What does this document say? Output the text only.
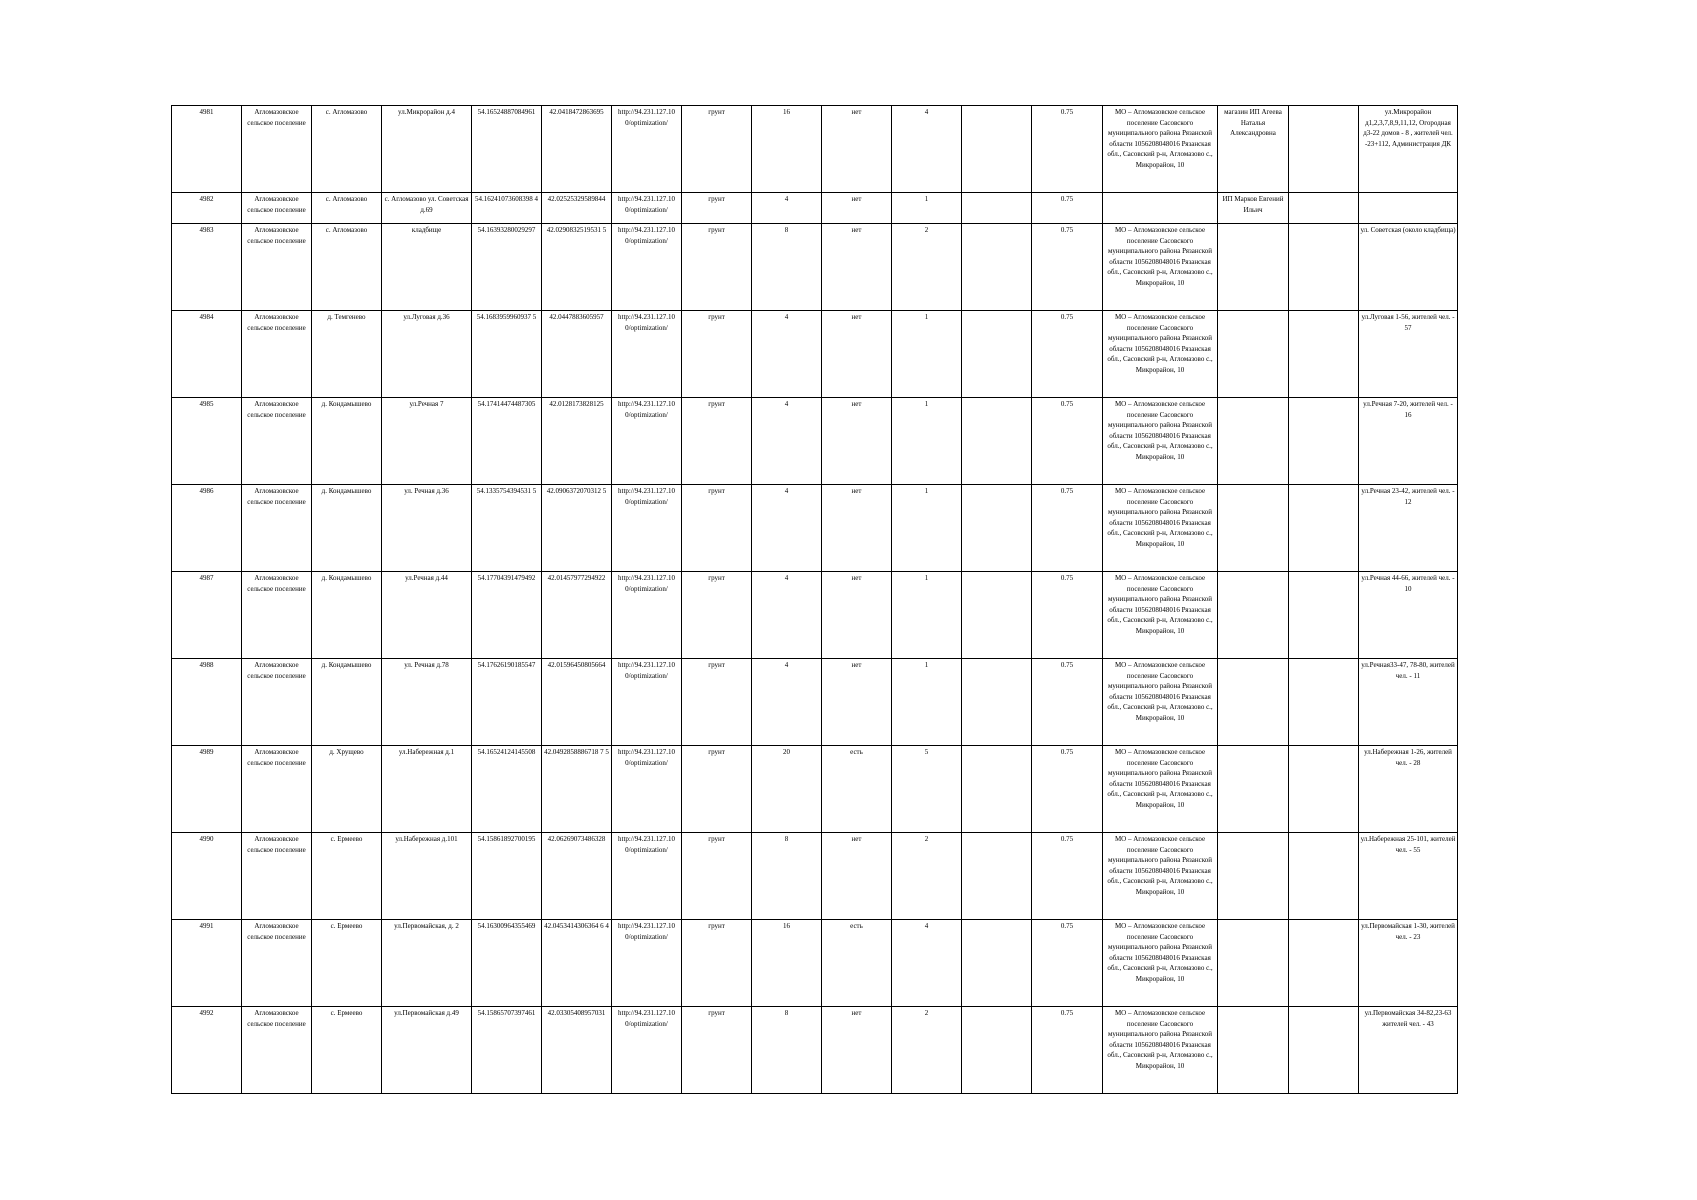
4981	Агломазовское сельское поселение	с. Агломазово	ул.Микрорайон д.4	54.16524887084961	42.0418472863695	http://94.231.127.10 0/optimization/	грунт	16	нет	4		0.75	МО – Агломазовское сельское поселение Сасовского муниципального района Рязанской области 1056208048016 Рязанская обл., Сасовский р-н, Агломазово с., Микрорайон, 10	магазин ИП Агеева Наталья Александровна		ул.Микрорайон д1,2,3,7,8,9,11,12, Огородная д3-22 домов - 8 , жителей чел. -23+112, Администрация ДК
4982	Агломазовское сельское поселение	с. Агломазово	с. Агломазово ул. Советская д.69	54.16241073608398 4	42.02525329589844	http://94.231.127.10 0/optimization/	грунт	4	нет	1		0.75		ИП Марков Евгений Ильич		
4983	Агломазовское сельское поселение	с. Агломазово	кладбище	54.16393280029297	42.0290832519531 5	http://94.231.127.10 0/optimization/	грунт	8	нет	2		0.75	МО – Агломазовское сельское поселение Сасовского муниципального района Рязанской области 1056208048016 Рязанская обл., Сасовский р-н, Агломазово с., Микрорайон, 10			ул. Советская (около кладбища)
4984	Агломазовское сельское поселение	д. Темгенево	ул.Луговая д.36	54.1683959960937 5	42.0447883605957	http://94.231.127.10 0/optimization/	грунт	4	нет	1		0.75	МО – Агломазовское сельское поселение Сасовского муниципального района Рязанской области 1056208048016 Рязанская обл., Сасовский р-н, Агломазово с., Микрорайон, 10			ул.Луговая 1-56, жителей чел. - 57
4985	Агломазовское сельское поселение	д. Кондамышево	ул.Речная 7	54.17414474487305	42.0128173828125	http://94.231.127.10 0/optimization/	грунт	4	нет	1		0.75	МО – Агломазовское сельское поселение Сасовского муниципального района Рязанской области 1056208048016 Рязанская обл., Сасовский р-н, Агломазово с., Микрорайон, 10			ул.Речная 7-20, жителей чел. - 16
4986	Агломазовское сельское поселение	д. Кондамышево	ул. Речная д.36	54.1335754394531 5	42.0906372070312 5	http://94.231.127.10 0/optimization/	грунт	4	нет	1		0.75	МО – Агломазовское сельское поселение Сасовского муниципального района Рязанской области 1056208048016 Рязанская обл., Сасовский р-н, Агломазово с., Микрорайон, 10			ул.Речная 23-42, жителей чел. - 12
4987	Агломазовское сельское поселение	д. Кондамышево	ул.Речная д.44	54.17704391479492	42.01457977294922	http://94.231.127.10 0/optimization/	грунт	4	нет	1		0.75	МО – Агломазовское сельское поселение Сасовского муниципального района Рязанской области 1056208048016 Рязанская обл., Сасовский р-н, Агломазово с., Микрорайон, 10			ул.Речная 44-66, жителей чел. - 10
4988	Агломазовское сельское поселение	д. Кондамышево	ул. Речная д.78	54.17626190185547	42.01596450805664	http://94.231.127.10 0/optimization/	грунт	4	нет	1		0.75	МО – Агломазовское сельское поселение Сасовского муниципального района Рязанской области 1056208048016 Рязанская обл., Сасовский р-н, Агломазово с., Микрорайон, 10			ул.Речная33-47, 78-80, жителей чел. - 11
4989	Агломазовское сельское поселение	д. Хрущево	ул.Набережная д.1	54.16524124145508	42.0492858886718 7 5	http://94.231.127.10 0/optimization/	грунт	20	есть	5		0.75	МО – Агломазовское сельское поселение Сасовского муниципального района Рязанской области 1056208048016 Рязанская обл., Сасовский р-н, Агломазово с., Микрорайон, 10			ул.Набережная 1-26, жителей чел. - 28
4990	Агломазовское сельское поселение	с. Ермеево	ул.Набережная д.101	54.15861892700195	42.06269073486328	http://94.231.127.10 0/optimization/	грунт	8	нет	2		0.75	МО – Агломазовское сельское поселение Сасовского муниципального района Рязанской области 1056208048016 Рязанская обл., Сасовский р-н, Агломазово с., Микрорайон, 10			ул.Набережная 25-101, жителей чел. - 55
4991	Агломазовское сельское поселение	с. Ермеево	ул.Первомайская, д. 2	54.16300964355469	42.0453414306364 6 4	http://94.231.127.10 0/optimization/	грунт	16	есть	4		0.75	МО – Агломазовское сельское поселение Сасовского муниципального района Рязанской области 1056208048016 Рязанская обл., Сасовский р-н, Агломазово с., Микрорайон, 10			ул.Первомайская 1-30, жителей чел. - 23
4992	Агломазовское сельское поселение	с. Ермеево	ул.Первомайская д.49	54.15865707397461	42.03305408957031	http://94.231.127.10 0/optimization/	грунт	8	нет	2		0.75	МО – Агломазовское сельское поселение Сасовского муниципального района Рязанской области 1056208048016 Рязанская обл., Сасовский р-н, Агломазово с., Микрорайон, 10			ул.Первомайская 34-82,23-63 жителей чел. - 43
